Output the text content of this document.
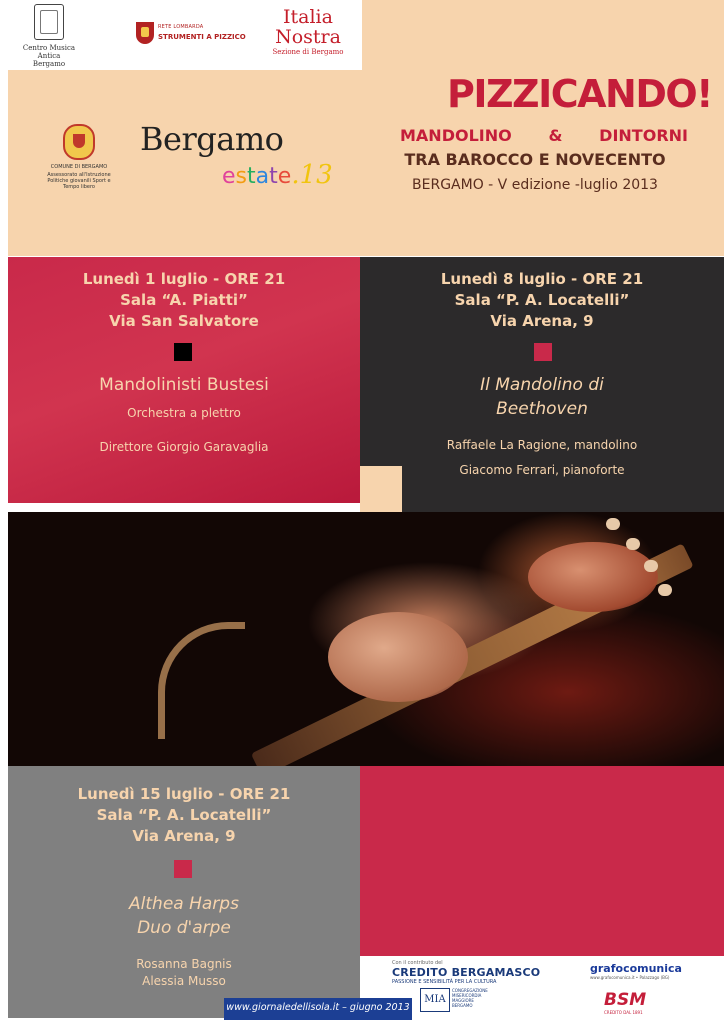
Centro Musica Antica
Bergamo
RETE LOMBARDA
STRUMENTI A PIZZICO
Italia
Nostra
Sezione di Bergamo
COMUNE DI BERGAMO
Assessorato all'Istruzione Politiche giovanili Sport e Tempo libero
Bergamo
estate.13
PIZZICANDO!
MANDOLINO & DINTORNI
TRA BAROCCO E NOVECENTO
BERGAMO - V edizione -luglio 2013
Lunedì 1 luglio - ORE 21
Sala “A. Piatti”
Via San Salvatore
Mandolinisti Bustesi
Orchestra a plettro
Direttore Giorgio Garavaglia
Lunedì 8 luglio - ORE 21
Sala “P. A. Locatelli”
Via Arena, 9
Il Mandolino di
Beethoven
Raffaele La Ragione, mandolino
Giacomo Ferrari, pianoforte
Lunedì 15 luglio - ORE 21
Sala “P. A. Locatelli”
Via Arena, 9
Althea Harps
Duo d'arpe
Rosanna Bagnis
Alessia Musso
Con il contributo del
CREDITO BERGAMASCO
PASSIONE E SENSIBILITÀ PER LA CULTURA
MIA
CONGREGAZIONE
MISERICORDIA
MAGGIORE
BERGAMO
grafocomunica
www.grafocomunica.it • Palazzago (BG)
BSM
CREDITO DAL 1891
www.giornaledellisola.it – giugno 2013
